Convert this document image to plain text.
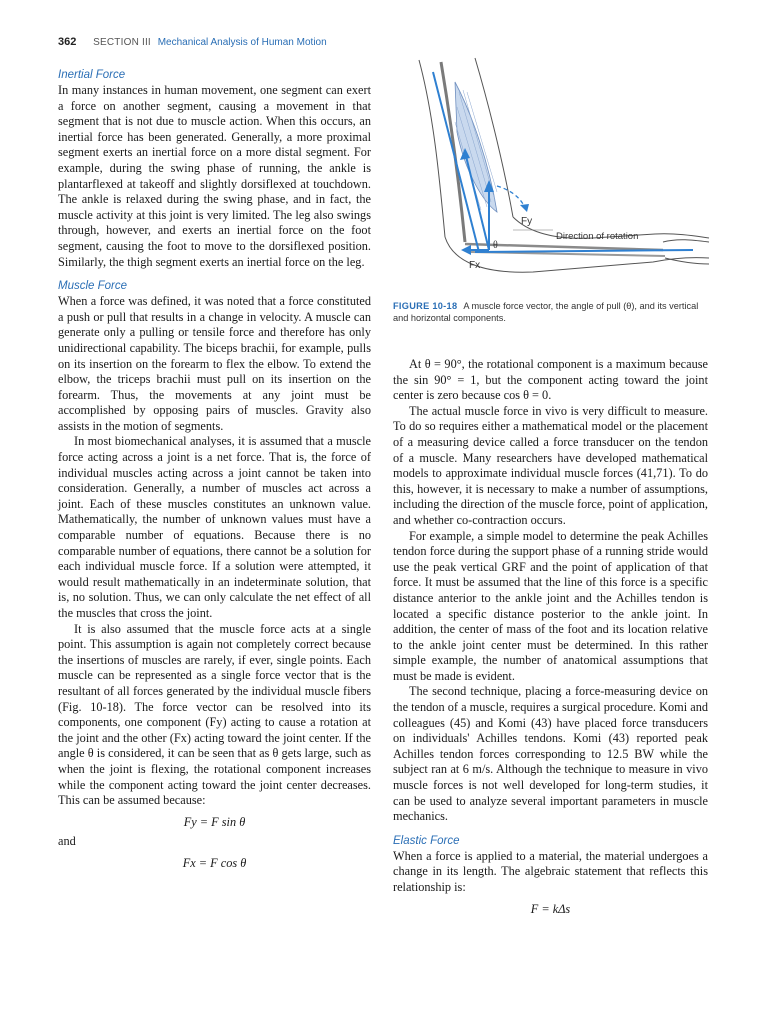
362 SECTION III Mechanical Analysis of Human Motion
Inertial Force

In many instances in human movement, one segment can exert a force on another segment, causing a movement in that segment that is not due to muscle action. When this occurs, an inertial force has been generated. Generally, a more proximal segment exerts an inertial force on a more distal segment. For example, during the swing phase of running, the ankle is plantarflexed at takeoff and slightly dorsiflexed at touchdown. The ankle is relaxed during the swing phase, and in fact, the muscle activity at this joint is very limited. The leg also swings through, however, and exerts an inertial force on the foot segment, causing the foot to move to the dorsiflexed position. Similarly, the thigh segment exerts an inertial force on the leg.

Muscle Force

When a force was defined, it was noted that a force constituted a push or pull that results in a change in velocity. A muscle can generate only a pulling or tensile force and therefore has only unidirectional capability. The biceps brachii, for example, pulls on its insertion on the forearm to flex the elbow. To extend the elbow, the triceps brachii must pull on its insertion on the forearm. Thus, the movements at any joint must be accomplished by opposing pairs of muscles. Gravity also assists in the motion of segments.

In most biomechanical analyses, it is assumed that a muscle force acting across a joint is a net force. That is, the force of individual muscles acting across a joint cannot be taken into consideration. Generally, a number of muscles act across a joint. Each of these muscles constitutes an unknown value. Mathematically, the number of unknown values must have a comparable number of equations. Because there is no comparable number of equations, there cannot be a solution for each individual muscle force. If a solution were attempted, it would result mathematically in an indeterminate solution, that is, no solution. Thus, we can only calculate the net effect of all the muscles that cross the joint.

It is also assumed that the muscle force acts at a single point. This assumption is again not completely correct because the insertions of muscles are rarely, if ever, single points. Each muscle can be represented as a single force vector that is the resultant of all forces generated by the individual muscle fibers (Fig. 10-18). The force vector can be resolved into its components, one component (Fy) acting to cause a rotation at the joint and the other (Fx) acting toward the joint center. If the angle θ is considered, it can be seen that as θ gets large, such as when the joint is flexing, the rotational component increases while the component acting toward the joint center decreases. This can be assumed because:

Fy = F sin θ
and
Fx = F cos θ
Fy
Fx
θ
Direction of rotation
FIGURE 10-18 A muscle force vector, the angle of pull (θ), and its vertical and horizontal components.

At θ = 90°, the rotational component is a maximum because the sin 90° = 1, but the component acting toward the joint center is zero because cos θ = 0.

The actual muscle force in vivo is very difficult to measure. To do so requires either a mathematical model or the placement of a measuring device called a force transducer on the tendon of a muscle. Many researchers have developed mathematical models to approximate individual muscle forces (41,71). To do this, however, it is necessary to make a number of assumptions, including the direction of the muscle force, point of application, and whether co-contraction occurs.

For example, a simple model to determine the peak Achilles tendon force during the support phase of a running stride would use the peak vertical GRF and the point of application of that force. It must be assumed that the line of this force is a specific distance anterior to the ankle joint and the Achilles tendon is located a specific distance posterior to the ankle joint. In addition, the center of mass of the foot and its location relative to the ankle joint center must be determined. In this rather simple example, the number of anatomical assumptions that must be made is evident.

The second technique, placing a force-measuring device on the tendon of a muscle, requires a surgical procedure. Komi and colleagues (45) and Komi (43) have placed force transducers on individuals' Achilles tendons. Komi (43) reported peak Achilles tendon forces corresponding to 12.5 BW while the subject ran at 6 m/s. Although the technique to measure in vivo muscle forces is not well developed for long-term studies, it can be used to analyze several important parameters in muscle mechanics.

Elastic Force

When a force is applied to a material, the material undergoes a change in its length. The algebraic statement that reflects this relationship is:

F = kΔs
